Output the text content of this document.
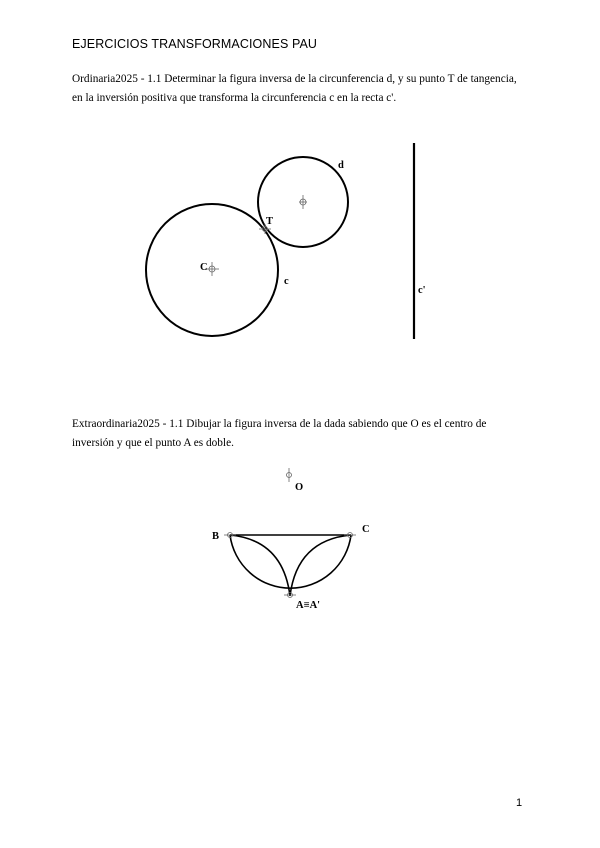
EJERCICIOS TRANSFORMACIONES PAU
Ordinaria2025 - 1.1 Determinar la figura inversa de la circunferencia d, y su punto T de tangencia, en la inversión positiva que transforma la circunferencia c en la recta c'.
d
T
C
c
c'
Extraordinaria2025 - 1.1 Dibujar la figura inversa de la dada sabiendo que O es el centro de inversión y que el punto A es doble.
O
B
C
A≡A'
1
